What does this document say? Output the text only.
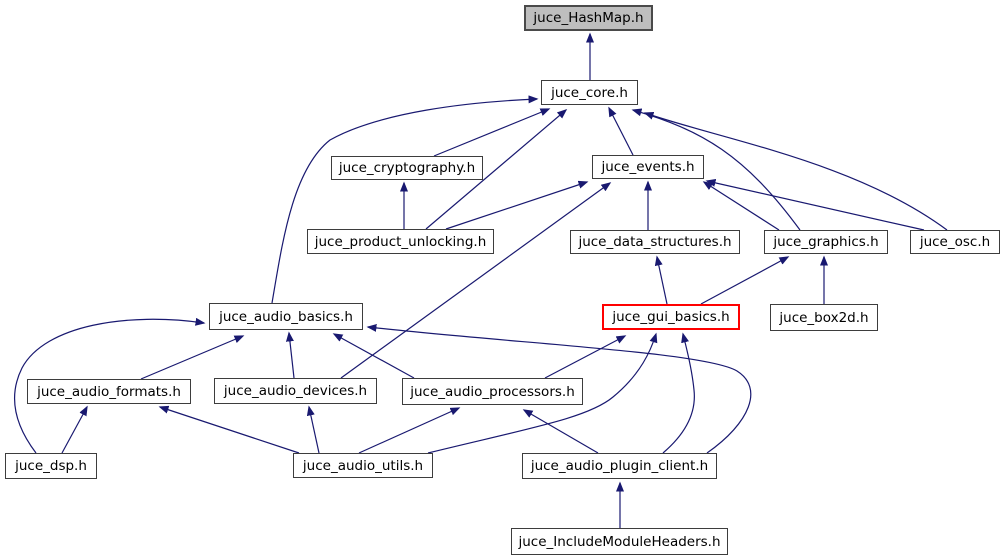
juce_HashMap.h
juce_core.h
juce_cryptography.h	juce_events.h
juce_product_unlocking.h	juce_data_structures.h	juce_graphics.h	juce_osc.h
juce_audio_basics.h	juce_gui_basics.h	juce_box2d.h
juce_audio_formats.h	juce_audio_devices.h	juce_audio_processors.h
juce_dsp.h	juce_audio_utils.h	juce_audio_plugin_client.h
juce_IncludeModuleHeaders.h
